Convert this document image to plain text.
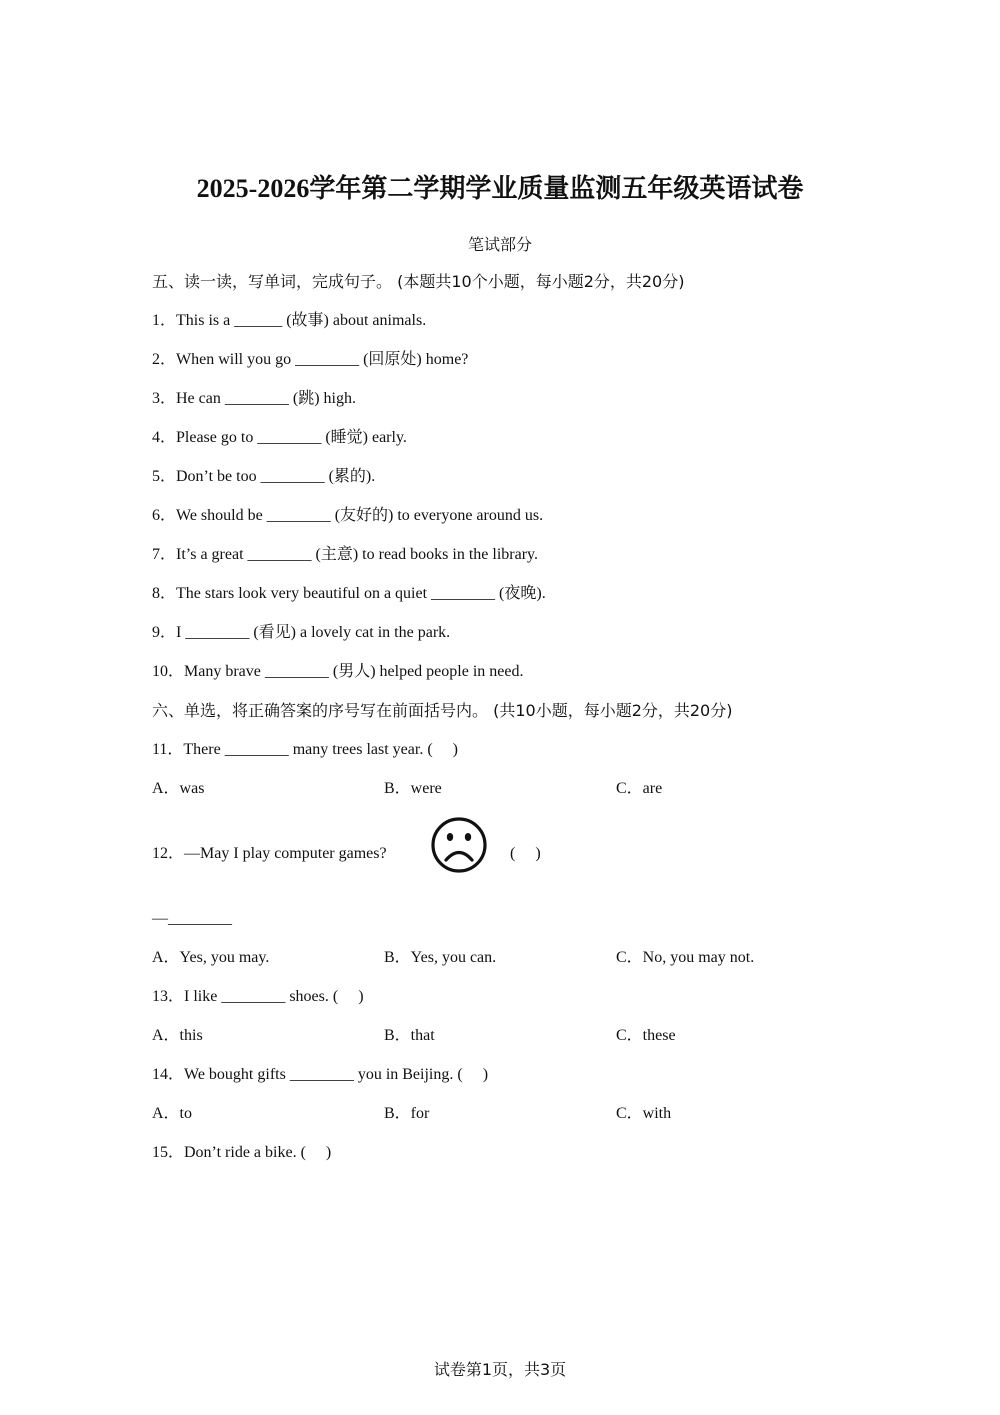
2025-2026学年第二学期学业质量监测五年级英语试卷
笔试部分
五、读一读，写单词，完成句子。 (本题共10个小题，每小题2分，共20分)
1．This is a ______ (故事) about animals.
2．When will you go ________ (回原处) home?
3．He can ________ (跳) high.
4．Please go to ________ (睡觉) early.
5．Don’t be too ________ (累的).
6．We should be ________ (友好的) to everyone around us.
7．It’s a great ________ (主意) to read books in the library.
8．The stars look very beautiful on a quiet ________ (夜晚).
9．I ________ (看见) a lovely cat in the park.
10．Many brave ________ (男人) helped people in need.
六、单选，将正确答案的序号写在前面括号内。 (共10小题，每小题2分，共20分)
11．There ________ many trees last year. (     )
A．was	B．were	C．are
12．—May I play computer games?	(     )
—________
A．Yes, you may.	B．Yes, you can.	C．No, you may not.
13．I like ________ shoes. (     )
A．this	B．that	C．these
14．We bought gifts ________ you in Beijing. (     )
A．to	B．for	C．with
15．Don’t ride a bike. (     )
试卷第1页，共3页
